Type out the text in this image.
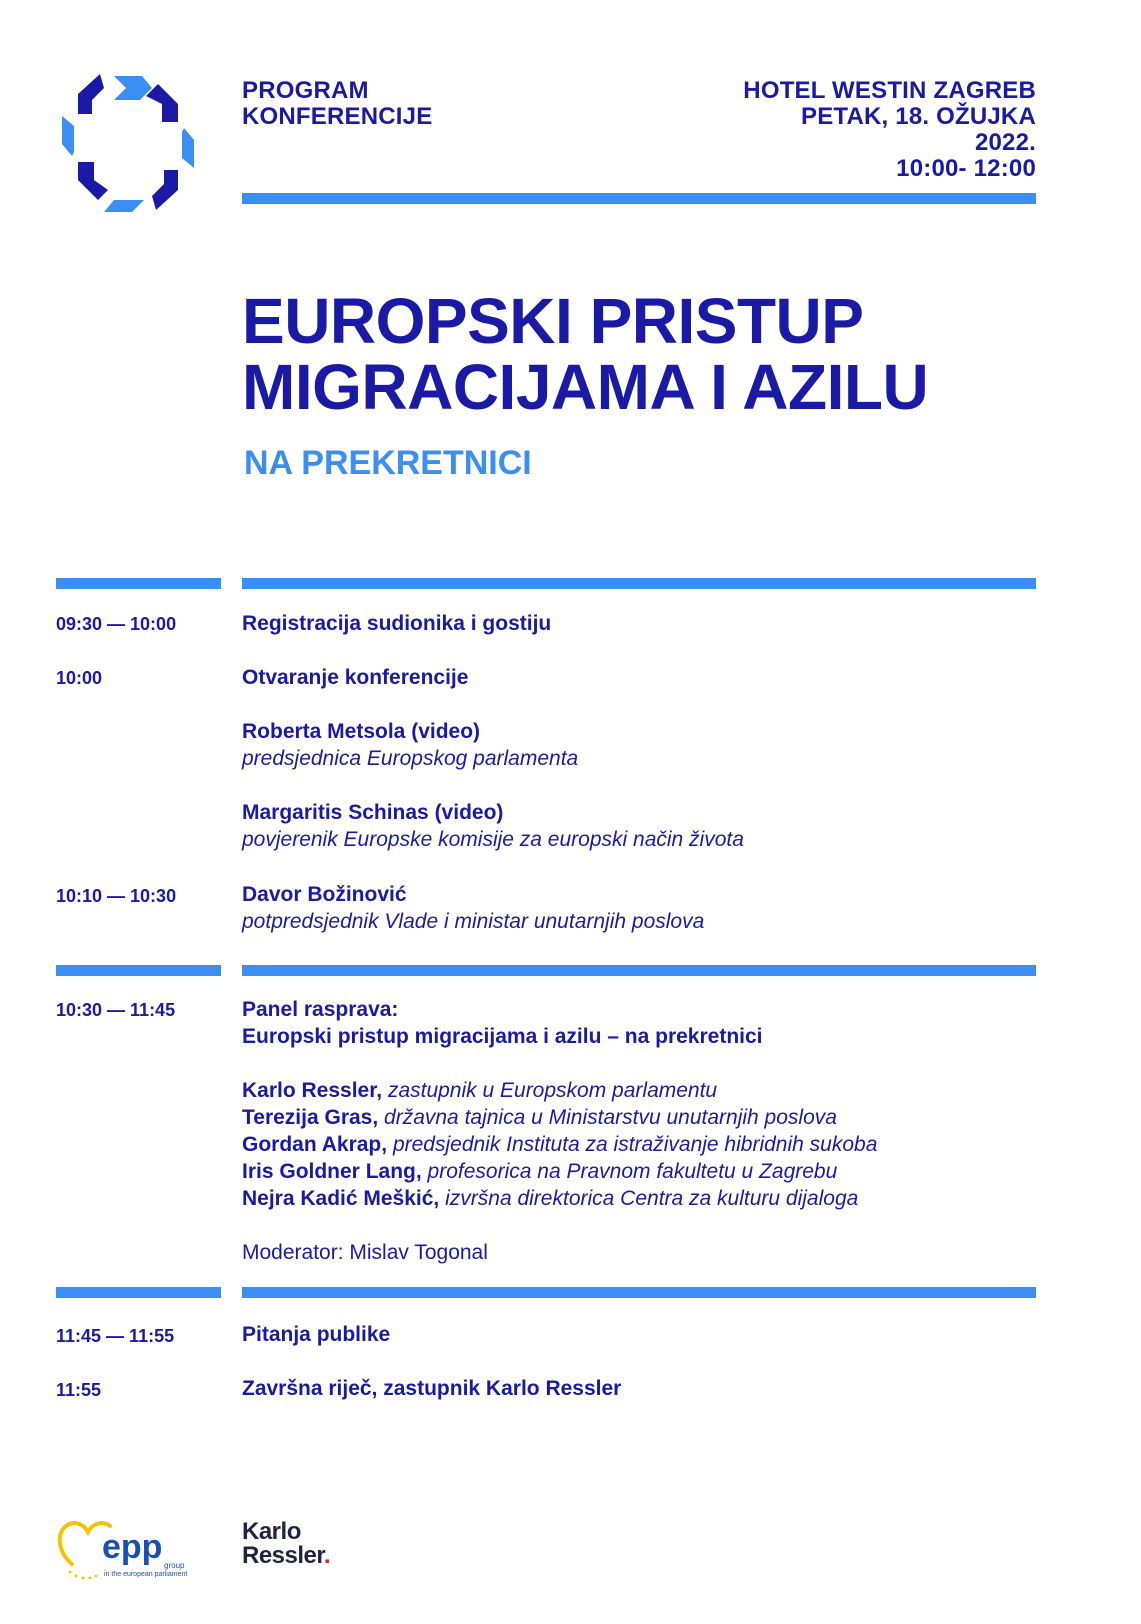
PROGRAM
KONFERENCIJE
HOTEL WESTIN ZAGREB
PETAK, 18. OŽUJKA
2022.
10:00- 12:00
EUROPSKI PRISTUP
MIGRACIJAMA I AZILU
NA PREKRETNICI
09:30 — 10:00	Registracija sudionika i gostiju
10:00	Otvaranje konferencije
Roberta Metsola (video)
predsjednica Europskog parlamenta
Margaritis Schinas (video)
povjerenik Europske komisije za europski način života
10:10 — 10:30	Davor Božinović
potpredsjednik Vlade i ministar unutarnjih poslova
10:30 — 11:45	Panel rasprava:
Europski pristup migracijama i azilu – na prekretnici
Karlo Ressler, zastupnik u Europskom parlamentu
Terezija Gras, državna tajnica u Ministarstvu unutarnjih poslova
Gordan Akrap, predsjednik Instituta za istraživanje hibridnih sukoba
Iris Goldner Lang, profesorica na Pravnom fakultetu u Zagrebu
Nejra Kadić Meškić, izvršna direktorica Centra za kulturu dijaloga
Moderator: Mislav Togonal
11:45 — 11:55	Pitanja publike
11:55	Završna riječ, zastupnik Karlo Ressler
epp group
in the european parliament
Karlo
Ressler.
